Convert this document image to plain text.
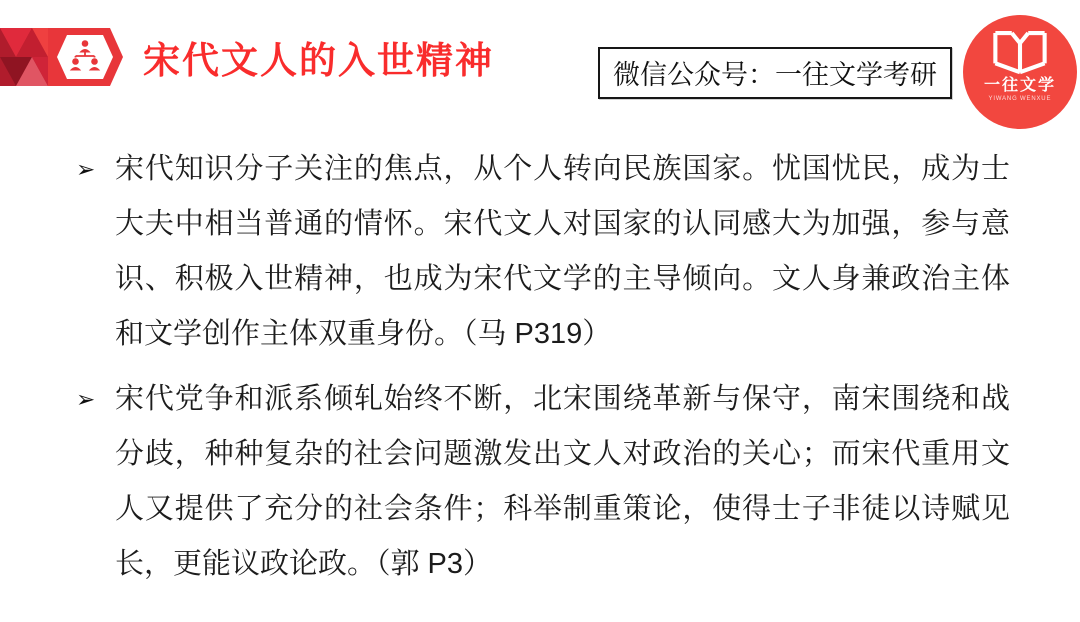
宋代文人的入世精神	微信公众号：一往文学考研	一往文学
YIWANG WENXUE
➢ 宋代知识分子关注的焦点，从个人转向民族国家。忧国忧民，成为士大夫中相当普通的情怀。宋代文人对国家的认同感大为加强，参与意识、积极入世精神，也成为宋代文学的主导倾向。文人身兼政治主体和文学创作主体双重身份。（马 P319）

➢ 宋代党争和派系倾轧始终不断，北宋围绕革新与保守，南宋围绕和战分歧，种种复杂的社会问题激发出文人对政治的关心；而宋代重用文人又提供了充分的社会条件；科举制重策论，使得士子非徒以诗赋见长，更能议政论政。（郭 P3）
